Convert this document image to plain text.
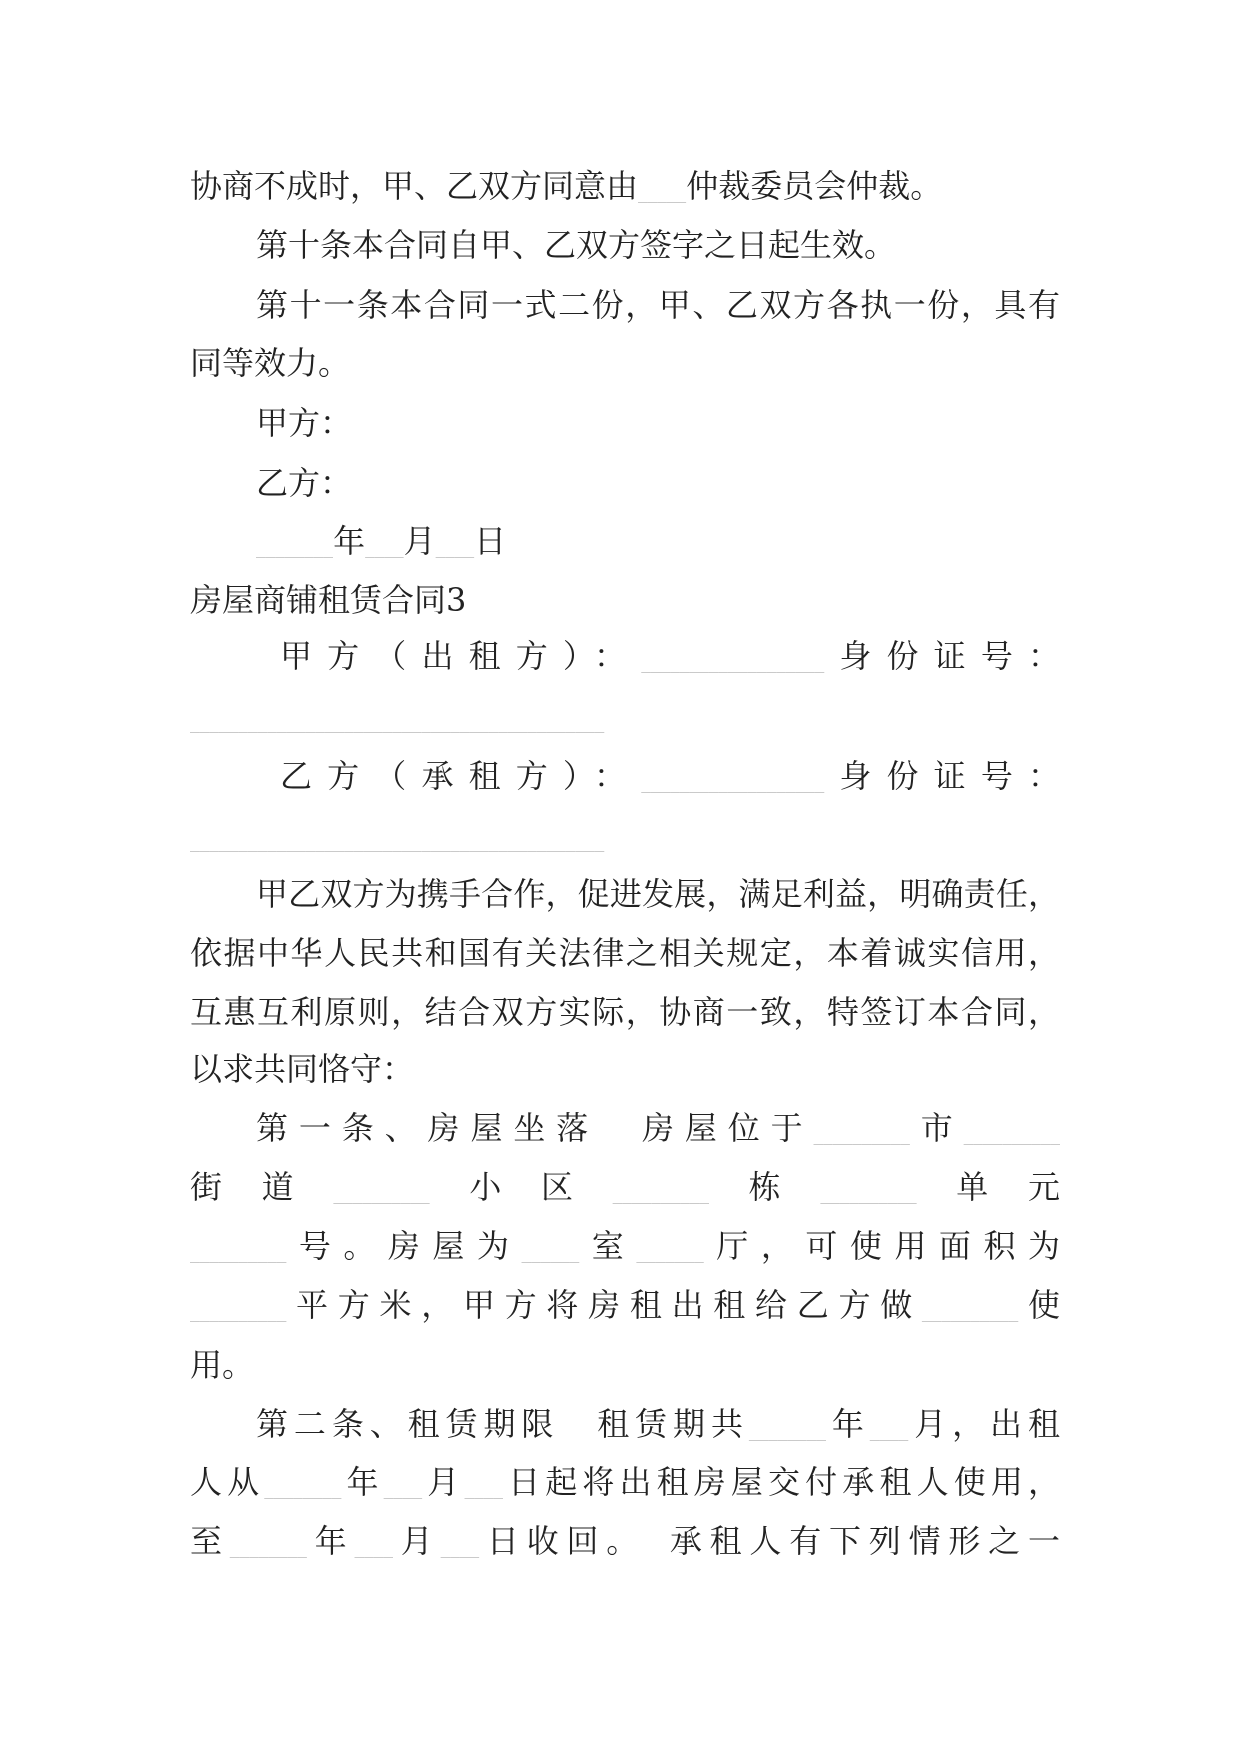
协商不成时，甲、乙双方同意由_____仲裁委员会仲裁。
第十条本合同自甲、乙双方签字之日起生效。
第十一条本合同一式二份，甲、乙双方各执一份，具有
同等效力。
甲方：
乙方：
________年____月____日
房屋商铺租赁合同3
甲方（出租方）：___________________身份证号：
___________________________________________
乙方（承租方）：___________________身份证号：
___________________________________________
甲乙双方为携手合作，促进发展，满足利益，明确责任，
依据中华人民共和国有关法律之相关规定，本着诚实信用，
互惠互利原则，结合双方实际，协商一致，特签订本合同，
以求共同恪守：
第一条、房屋坐落　房屋位于__________市__________
街道__________小区__________栋__________单元
__________号。房屋为______室_______厅，可使用面积为
__________平方米，甲方将房租出租给乙方做__________使
用。
第二条、租赁期限　租赁期共________年____月，出租
人从________年____月____日起将出租房屋交付承租人使用，
至________年____月____日收回。　承租人有下列情形之一
